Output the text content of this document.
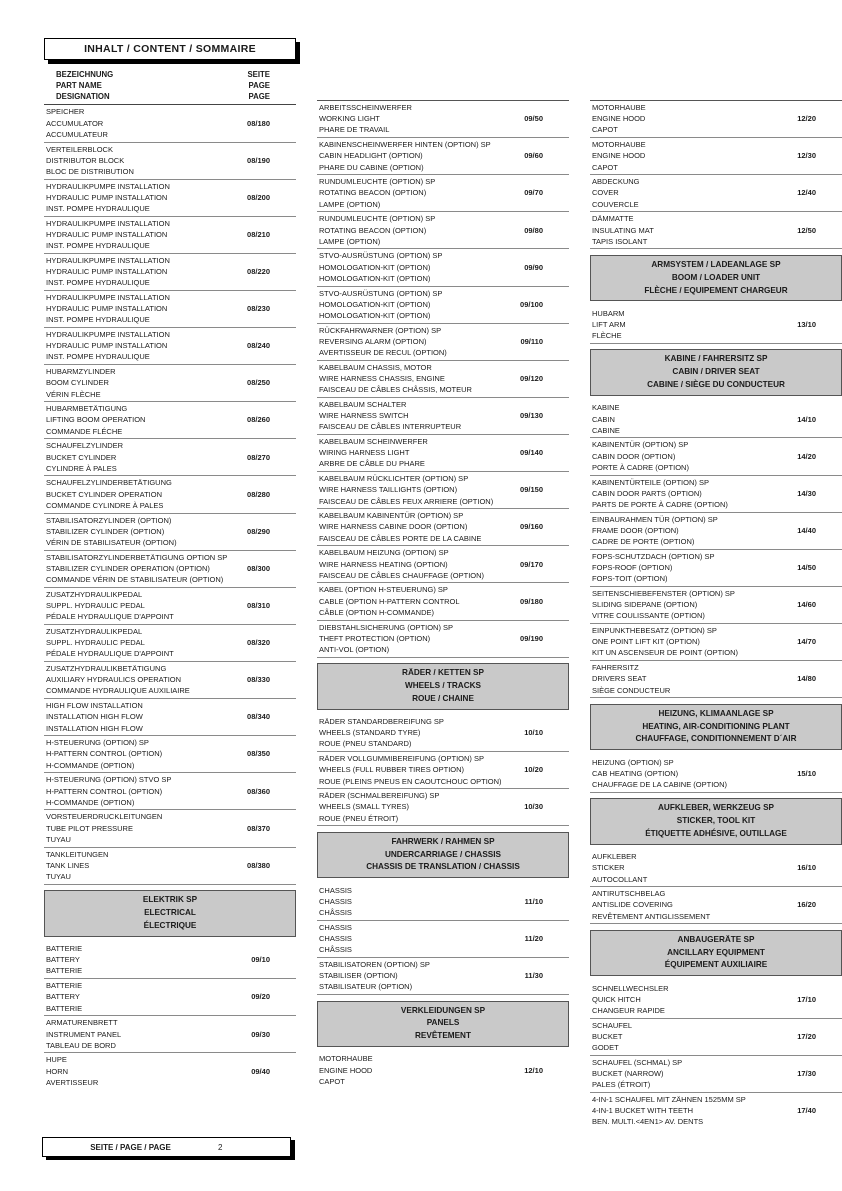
INHALT / CONTENT / SOMMAIRE
BEZEICHNUNG
PART NAME
DESIGNATION
SEITE
PAGE
PAGE
SPEICHER
ACCUMULATOR	08/180
ACCUMULATEUR
VERTEILERBLOCK
DISTRIBUTOR BLOCK	08/190
BLOC DE DISTRIBUTION
HYDRAULIKPUMPE INSTALLATION
HYDRAULIC PUMP INSTALLATION	08/200
INST. POMPE HYDRAULIQUE
HYDRAULIKPUMPE INSTALLATION
HYDRAULIC PUMP INSTALLATION	08/210
INST. POMPE HYDRAULIQUE
HYDRAULIKPUMPE INSTALLATION
HYDRAULIC PUMP INSTALLATION	08/220
INST. POMPE HYDRAULIQUE
HYDRAULIKPUMPE INSTALLATION
HYDRAULIC PUMP INSTALLATION	08/230
INST. POMPE HYDRAULIQUE
HYDRAULIKPUMPE INSTALLATION
HYDRAULIC PUMP INSTALLATION	08/240
INST. POMPE HYDRAULIQUE
HUBARMZYLINDER
BOOM CYLINDER	08/250
VÉRIN FLÈCHE
HUBARMBETÄTIGUNG
LIFTING BOOM OPERATION	08/260
COMMANDE FLÉCHE
SCHAUFELZYLINDER
BUCKET CYLINDER	08/270
CYLINDRE À PALES
SCHAUFELZYLINDERBETÄTIGUNG
BUCKET CYLINDER OPERATION	08/280
COMMANDE CYLINDRE À PALES
STABILISATORZYLINDER (OPTION)
STABILIZER CYLINDER (OPTION)	08/290
VÉRIN DE STABILISATEUR (OPTION)
STABILISATORZYLINDERBETÄTIGUNG OPTION SP
STABILIZER CYLINDER OPERATION (OPTION)	08/300
COMMANDE VÉRIN DE STABILISATEUR (OPTION)
ZUSATZHYDRAULIKPEDAL
SUPPL. HYDRAULIC PEDAL	08/310
PÉDALE HYDRAULIQUE D'APPOINT
ZUSATZHYDRAULIKPEDAL
SUPPL. HYDRAULIC PEDAL	08/320
PÉDALE HYDRAULIQUE D'APPOINT
ZUSATZHYDRAULIKBETÄTIGUNG
AUXILIARY HYDRAULICS OPERATION	08/330
COMMANDE HYDRAULIQUE AUXILIAIRE
HIGH FLOW INSTALLATION
INSTALLATION HIGH FLOW	08/340
INSTALLATION HIGH FLOW
H-STEUERUNG (OPTION) SP
H-PATTERN CONTROL (OPTION)	08/350
H-COMMANDE (OPTION)
H-STEUERUNG (OPTION) STVO SP
H-PATTERN CONTROL (OPTION)	08/360
H-COMMANDE (OPTION)
VORSTEUERDRUCKLEITUNGEN
TUBE PILOT PRESSURE	08/370
TUYAU
TANKLEITUNGEN
TANK LINES	08/380
TUYAU
ELEKTRIK SP
ELECTRICAL
ÉLECTRIQUE
BATTERIE
BATTERY	09/10
BATTERIE
BATTERIE
BATTERY	09/20
BATTERIE
ARMATURENBRETT
INSTRUMENT PANEL	09/30
TABLEAU DE BORD
HUPE
HORN	09/40
AVERTISSEUR
ARBEITSSCHEINWERFER
WORKING LIGHT	09/50
PHARE DE TRAVAIL
KABINENSCHEINWERFER HINTEN (OPTION) SP
CABIN HEADLIGHT (OPTION)	09/60
PHARE DU CABINE (OPTION)
RUNDUMLEUCHTE (OPTION) SP
ROTATING BEACON (OPTION)	09/70
LAMPE (OPTION)
RUNDUMLEUCHTE (OPTION) SP
ROTATING BEACON (OPTION)	09/80
LAMPE (OPTION)
STVO-AUSRÜSTUNG (OPTION) SP
HOMOLOGATION-KIT (OPTION)	09/90
HOMOLOGATION-KIT (OPTION)
STVO-AUSRÜSTUNG (OPTION) SP
HOMOLOGATION-KIT (OPTION)	09/100
HOMOLOGATION-KIT (OPTION)
RÜCKFAHRWARNER (OPTION) SP
REVERSING ALARM (OPTION)	09/110
AVERTISSEUR DE RECUL (OPTION)
KABELBAUM CHASSIS, MOTOR
WIRE HARNESS CHASSIS, ENGINE	09/120
FAISCEAU DE CÂBLES CHÂSSIS, MOTEUR
KABELBAUM SCHALTER
WIRE HARNESS SWITCH	09/130
FAISCEAU DE CÂBLES INTERRUPTEUR
KABELBAUM SCHEINWERFER
WIRING HARNESS LIGHT	09/140
ARBRE DE CÂBLE DU PHARE
KABELBAUM RÜCKLICHTER (OPTION) SP
WIRE HARNESS TAILLIGHTS (OPTION)	09/150
FAISCEAU DE CÂBLES FEUX ARRIERE (OPTION)
KABELBAUM KABINENTÜR (OPTION) SP
WIRE HARNESS CABINE DOOR (OPTION)	09/160
FAISCEAU DE CÂBLES PORTE DE LA CABINE
KABELBAUM HEIZUNG (OPTION) SP
WIRE HARNESS HEATING (OPTION)	09/170
FAISCEAU DE CÂBLES CHAUFFAGE (OPTION)
KABEL (OPTION H-STEUERUNG) SP
CABLE (OPTION H-PATTERN CONTROL	09/180
CÂBLE (OPTION H-COMMANDE)
DIEBSTAHLSICHERUNG (OPTION) SP
THEFT PROTECTION (OPTION)	09/190
ANTI-VOL (OPTION)
RÄDER / KETTEN SP
WHEELS / TRACKS
ROUE / CHAINE
RÄDER STANDARDBEREIFUNG SP
WHEELS (STANDARD TYRE)	10/10
ROUE (PNEU STANDARD)
RÄDER VOLLGUMMIBEREIFUNG (OPTION) SP
WHEELS (FULL RUBBER TIRES OPTION)	10/20
ROUE (PLEINS PNEUS EN CAOUTCHOUC OPTION)
RÄDER (SCHMALBEREIFUNG) SP
WHEELS (SMALL TYRES)	10/30
ROUE (PNEU ÉTROIT)
FAHRWERK / RAHMEN SP
UNDERCARRIAGE / CHASSIS
CHASSIS DE TRANSLATION / CHASSIS
CHASSIS
CHASSIS	11/10
CHÂSSIS
CHASSIS
CHASSIS	11/20
CHÂSSIS
STABILISATOREN (OPTION) SP
STABILISER (OPTION)	11/30
STABILISATEUR (OPTION)
VERKLEIDUNGEN SP
PANELS
REVÊTEMENT
MOTORHAUBE
ENGINE HOOD	12/10
CAPOT
MOTORHAUBE
ENGINE HOOD	12/20
CAPOT
MOTORHAUBE
ENGINE HOOD	12/30
CAPOT
ABDECKUNG
COVER	12/40
COUVERCLE
DÄMMATTE
INSULATING MAT	12/50
TAPIS ISOLANT
ARMSYSTEM / LADEANLAGE SP
BOOM / LOADER UNIT
FLÈCHE / EQUIPEMENT CHARGEUR
HUBARM
LIFT ARM	13/10
FLÈCHE
KABINE / FAHRERSITZ SP
CABIN / DRIVER SEAT
CABINE / SIÈGE DU CONDUCTEUR
KABINE
CABIN	14/10
CABINE
KABINENTÜR (OPTION) SP
CABIN DOOR (OPTION)	14/20
PORTE À CADRE (OPTION)
KABINENTÜRTEILE (OPTION) SP
CABIN DOOR PARTS (OPTION)	14/30
PARTS DE PORTE À CADRE (OPTION)
EINBAURAHMEN TÜR (OPTION) SP
FRAME DOOR (OPTION)	14/40
CADRE DE PORTE (OPTION)
FOPS-SCHUTZDACH (OPTION) SP
FOPS-ROOF (OPTION)	14/50
FOPS-TOIT (OPTION)
SEITENSCHIEBEFENSTER (OPTION) SP
SLIDING SIDEPANE (OPTION)	14/60
VITRE COULISSANTE (OPTION)
EINPUNKTHEBESATZ (OPTION) SP
ONE POINT LIFT KIT (OPTION)	14/70
KIT UN ASCENSEUR DE POINT (OPTION)
FAHRERSITZ
DRIVERS SEAT	14/80
SIÈGE CONDUCTEUR
HEIZUNG, KLIMAANLAGE SP
HEATING, AIR-CONDITIONING PLANT
CHAUFFAGE, CONDITIONNEMENT D´AIR
HEIZUNG (OPTION) SP
CAB HEATING (OPTION)	15/10
CHAUFFAGE DE LA CABINE (OPTION)
AUFKLEBER, WERKZEUG SP
STICKER, TOOL KIT
ÉTIQUETTE ADHÉSIVE, OUTILLAGE
AUFKLEBER
STICKER	16/10
AUTOCOLLANT
ANTIRUTSCHBELAG
ANTISLIDE COVERING	16/20
REVÊTEMENT ANTIGLISSEMENT
ANBAUGERÄTE SP
ANCILLARY EQUIPMENT
ÉQUIPEMENT AUXILIAIRE
SCHNELLWECHSLER
QUICK HITCH	17/10
CHANGEUR RAPIDE
SCHAUFEL
BUCKET	17/20
GODET
SCHAUFEL (SCHMAL) SP
BUCKET (NARROW)	17/30
PALES (ÉTROIT)
4-IN-1 SCHAUFEL MIT ZÄHNEN 1525MM SP
4-IN-1 BUCKET WITH TEETH	17/40
BEN. MULTI.<4EN1> AV. DENTS
SEITE / PAGE / PAGE	2
